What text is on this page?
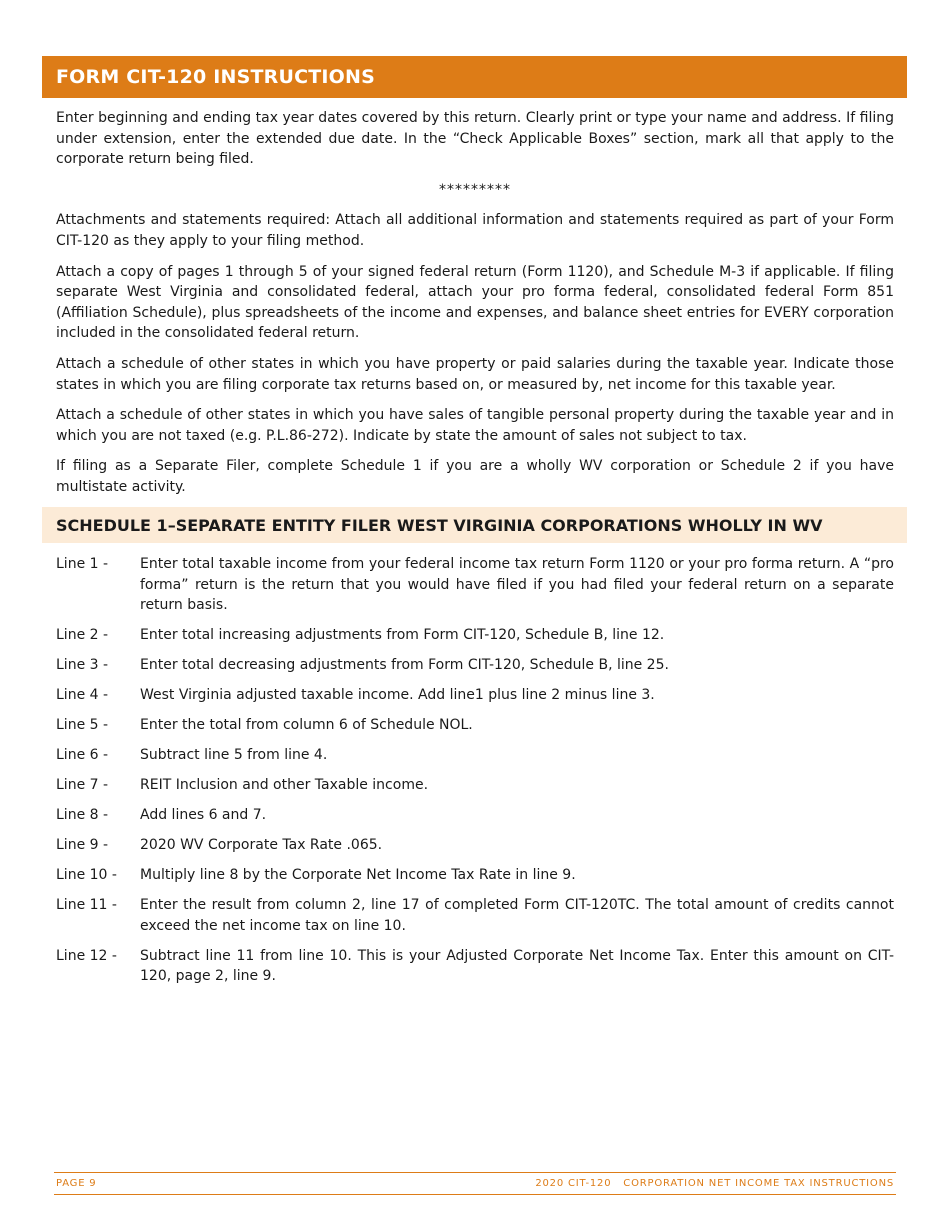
FORM CIT-120 INSTRUCTIONS

Enter beginning and ending tax year dates covered by this return. Clearly print or type your name and address. If filing under extension, enter the extended due date. In the “Check Applicable Boxes” section, mark all that apply to the corporate return being filed.

*********

Attachments and statements required: Attach all additional information and statements required as part of your Form CIT-120 as they apply to your filing method.

Attach a copy of pages 1 through 5 of your signed federal return (Form 1120), and Schedule M-3 if applicable. If filing separate West Virginia and consolidated federal, attach your pro forma federal, consolidated federal Form 851 (Affiliation Schedule), plus spreadsheets of the income and expenses, and balance sheet entries for EVERY corporation included in the consolidated federal return.

Attach a schedule of other states in which you have property or paid salaries during the taxable year. Indicate those states in which you are filing corporate tax returns based on, or measured by, net income for this taxable year.

Attach a schedule of other states in which you have sales of tangible personal property during the taxable year and in which you are not taxed (e.g. P.L.86-272). Indicate by state the amount of sales not subject to tax.

If filing as a Separate Filer, complete Schedule 1 if you are a wholly WV corporation or Schedule 2 if you have multistate activity.

SCHEDULE 1–SEPARATE ENTITY FILER WEST VIRGINIA CORPORATIONS WHOLLY IN WV
Line 1 -	Enter total taxable income from your federal income tax return Form 1120 or your pro forma return. A “pro forma” return is the return that you would have filed if you had filed your federal return on a separate return basis.
Line 2 -	Enter total increasing adjustments from Form CIT-120, Schedule B, line 12.
Line 3 -	Enter total decreasing adjustments from Form CIT-120, Schedule B, line 25.
Line 4 -	West Virginia adjusted taxable income. Add line1 plus line 2 minus line 3.
Line 5 -	Enter the total from column 6 of Schedule NOL.
Line 6 -	Subtract line 5 from line 4.
Line 7 -	REIT Inclusion and other Taxable income.
Line 8 -	Add lines 6 and 7.
Line 9 -	2020 WV Corporate Tax Rate .065.
Line 10 -	Multiply line 8 by the Corporate Net Income Tax Rate in line 9.
Line 11 -	Enter the result from column 2, line 17 of completed Form CIT-120TC. The total amount of credits cannot exceed the net income tax on line 10.
Line 12 -	Subtract line 11 from line 10. This is your Adjusted Corporate Net Income Tax. Enter this amount on CIT-120, page 2, line 9.
PAGE 9	2020 CIT-120   CORPORATION NET INCOME TAX INSTRUCTIONS
